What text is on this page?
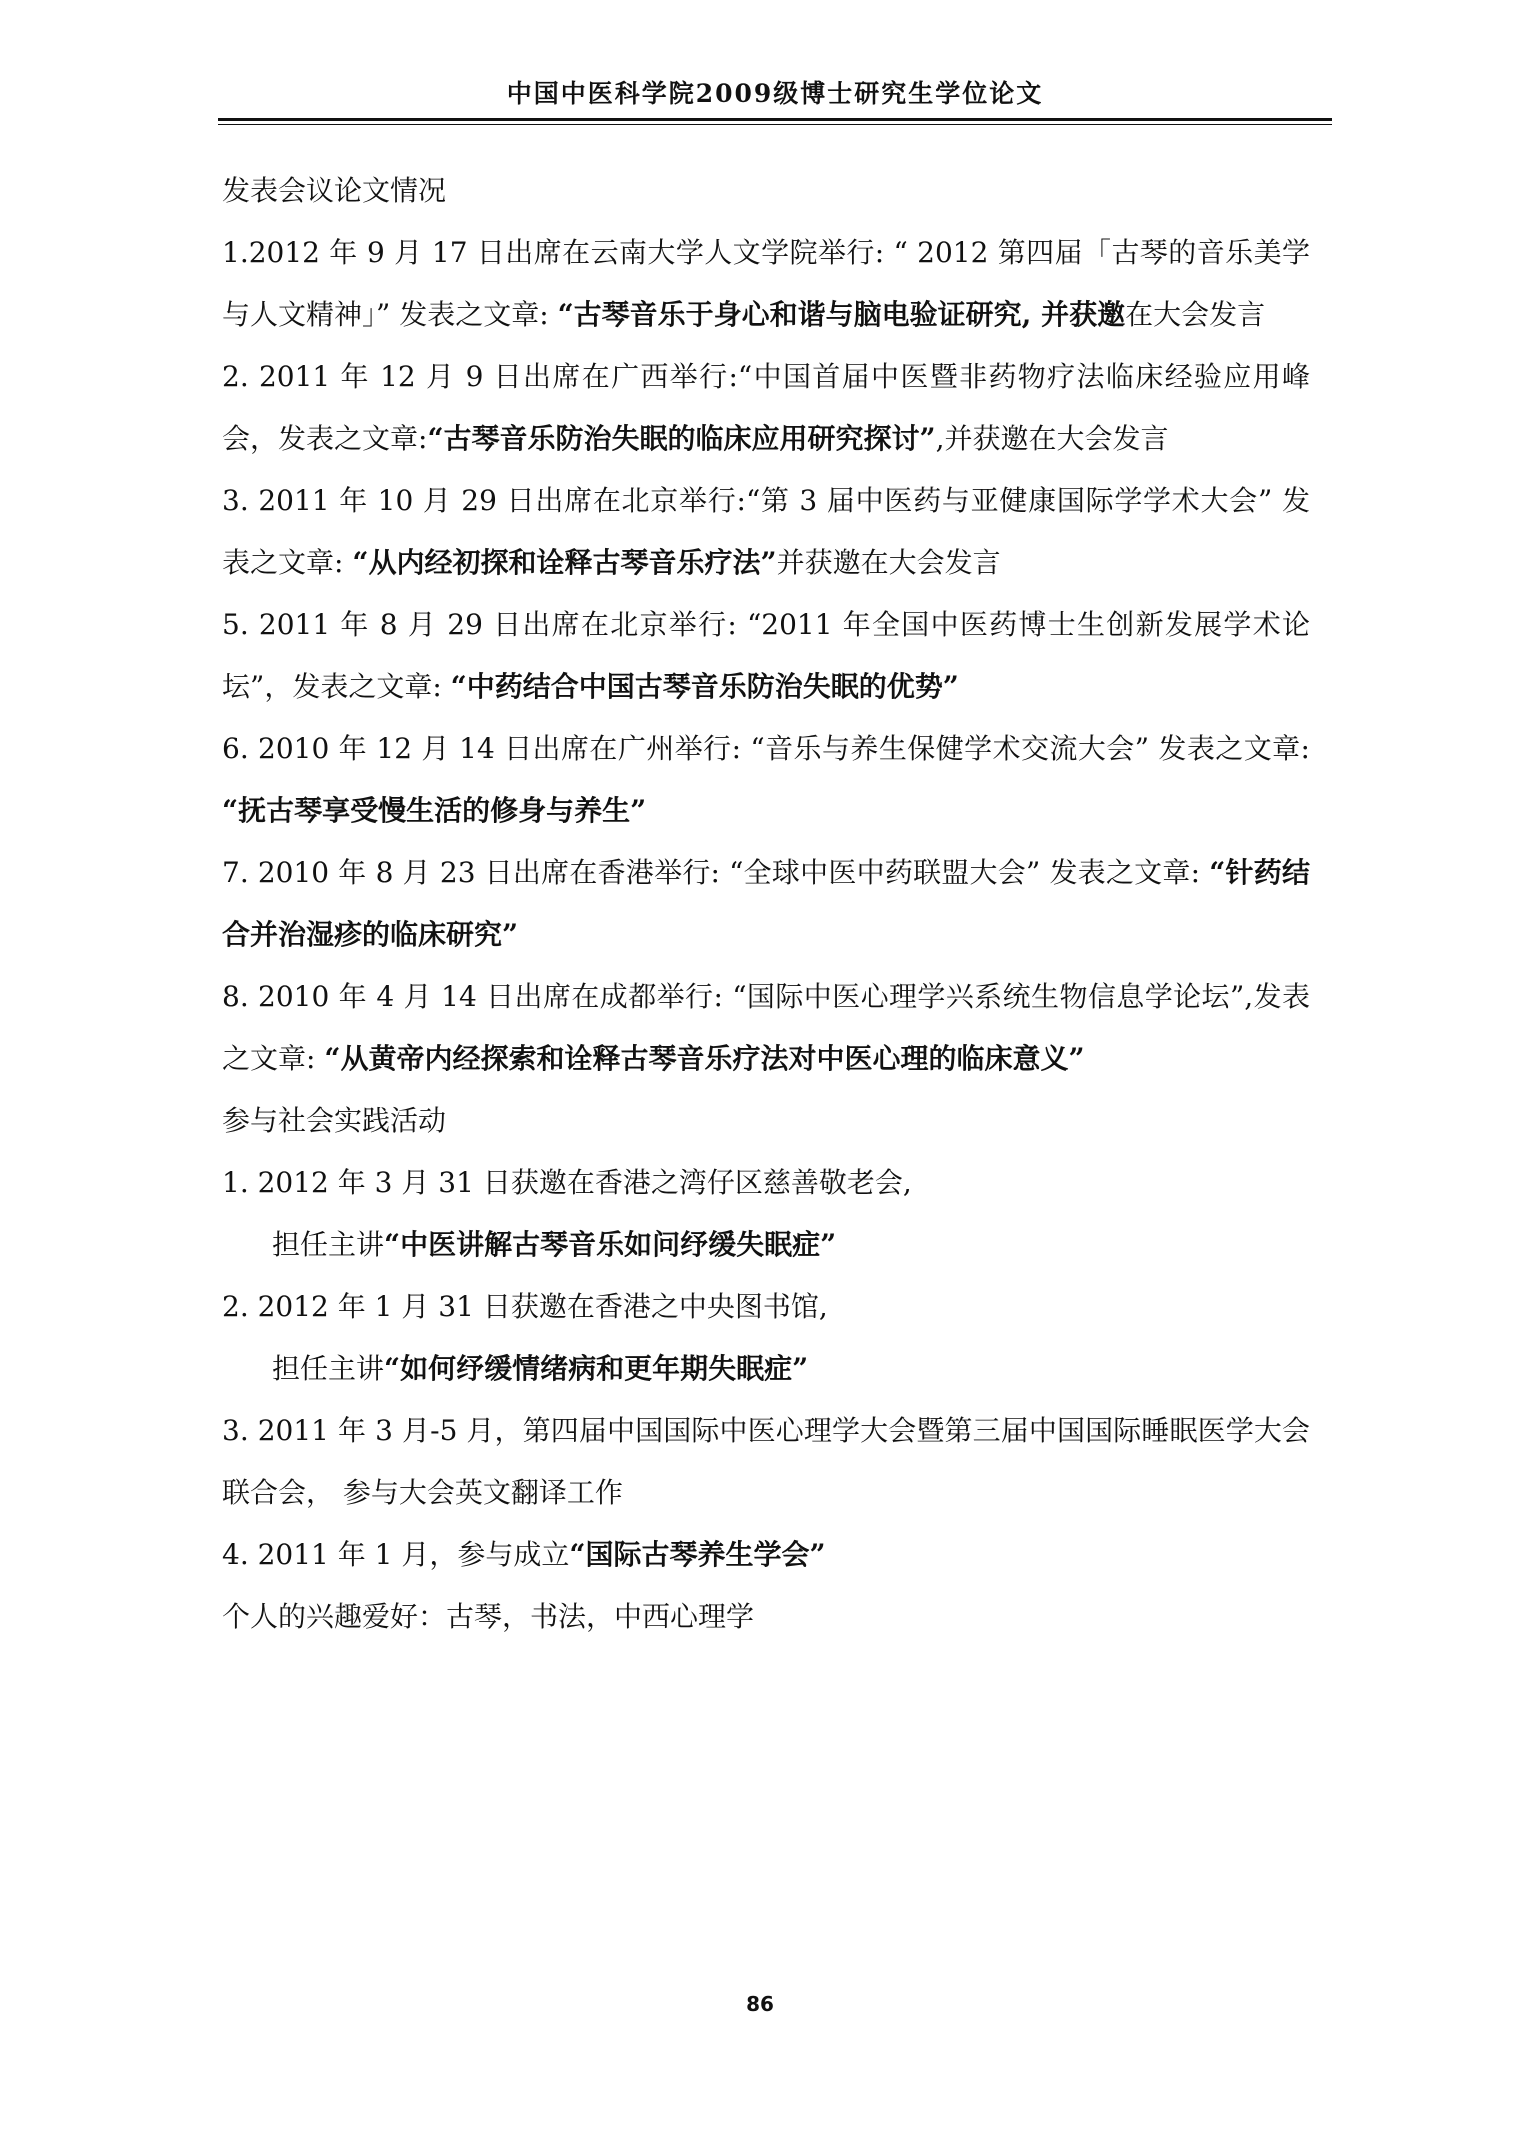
中国中医科学院2009级博士研究生学位论文
发表会议论文情况
1.2012 年 9 月 17 日出席在云南大学人文学院举行: “ 2012 第四届「古琴的音乐美学与人文精神」” 发表之文章: “古琴音乐于身心和谐与脑电验证研究, 并获邀在大会发言
2. 2011 年 12 月 9 日出席在广西举行:“中国首届中医暨非药物疗法临床经验应用峰会，发表之文章:“古琴音乐防治失眠的临床应用研究探讨”,并获邀在大会发言
3. 2011 年 10 月 29 日出席在北京举行:“第 3 届中医药与亚健康国际学学术大会” 发表之文章: “从内经初探和诠释古琴音乐疗法”并获邀在大会发言
5. 2011 年 8 月 29 日出席在北京举行: “2011 年全国中医药博士生创新发展学术论坛”，发表之文章: “中药结合中国古琴音乐防治失眠的优势”
6. 2010 年 12 月 14 日出席在广州举行: “音乐与养生保健学术交流大会” 发表之文章: “抚古琴享受慢生活的修身与养生”
7. 2010 年 8 月 23 日出席在香港举行: “全球中医中药联盟大会” 发表之文章: “针药结合并治湿疹的临床研究”
8. 2010 年 4 月 14 日出席在成都举行: “国际中医心理学兴系统生物信息学论坛”,发表之文章: “从黄帝内经探索和诠释古琴音乐疗法对中医心理的临床意义”
参与社会实践活动
1. 2012 年 3 月 31 日获邀在香港之湾仔区慈善敬老会,
担任主讲“中医讲解古琴音乐如问纾缓失眠症”
2. 2012 年 1 月 31 日获邀在香港之中央图书馆,
担任主讲“如何纾缓情绪病和更年期失眠症”
3. 2011 年 3 月-5 月，第四届中国国际中医心理学大会暨第三届中国国际睡眠医学大会联合会， 参与大会英文翻译工作
4. 2011 年 1 月，参与成立“国际古琴养生学会”
个人的兴趣爱好：古琴，书法，中西心理学
86
